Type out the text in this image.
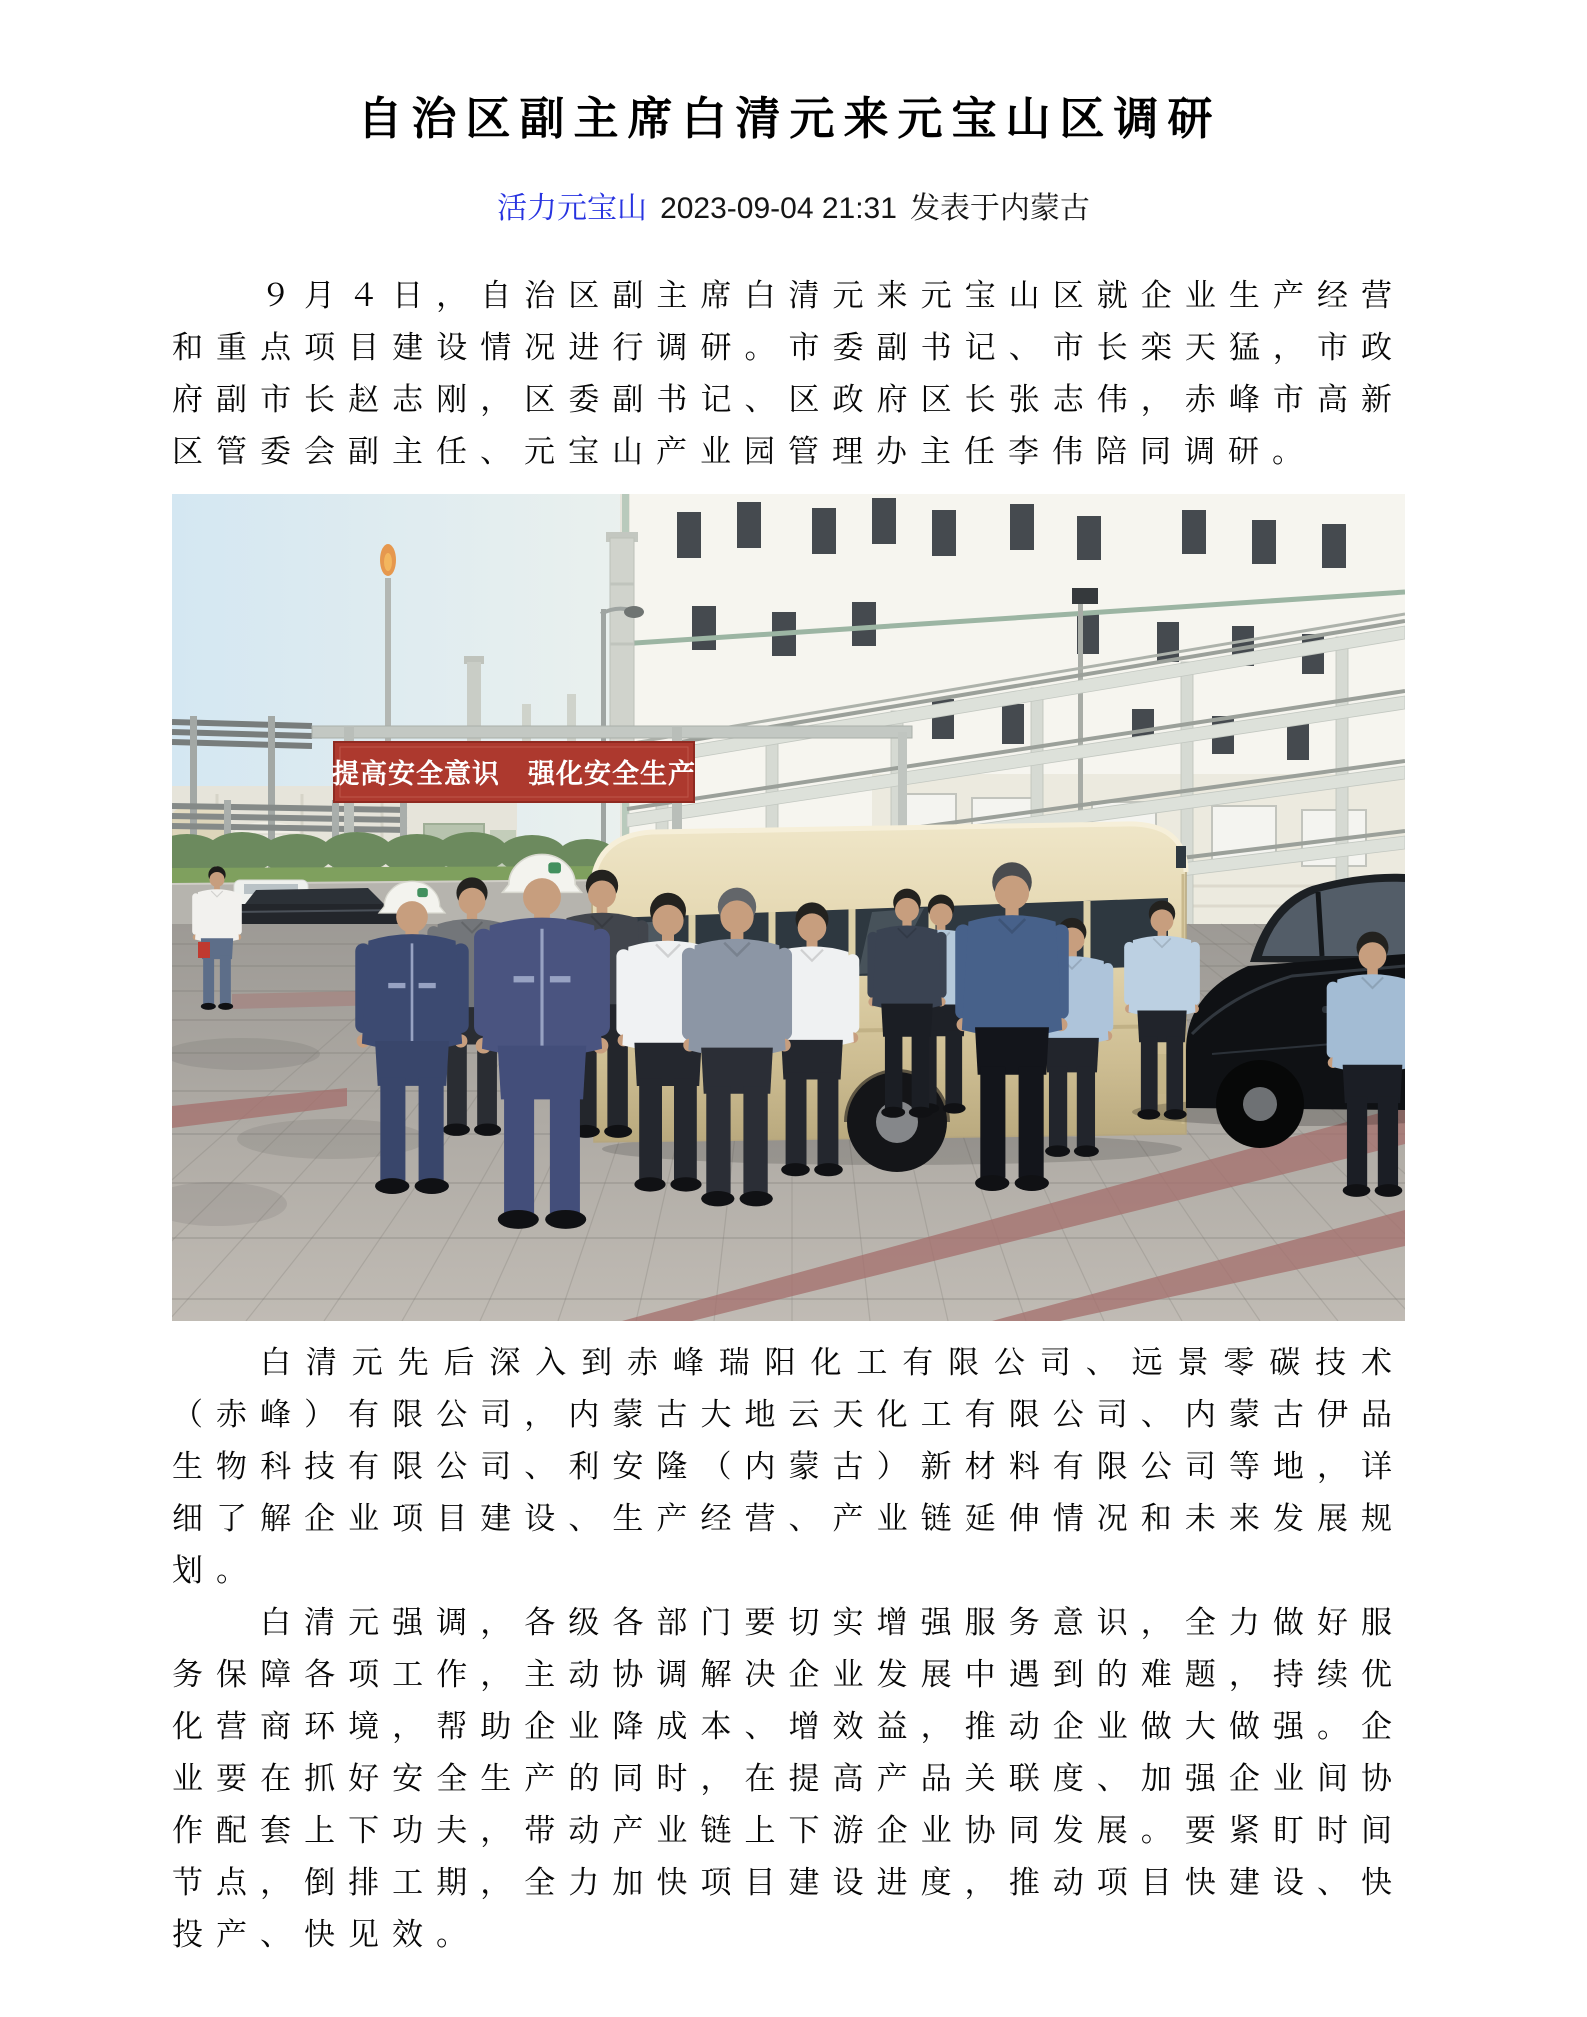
自治区副主席白清元来元宝山区调研
活力元宝山 2023-09-04 21:31 发表于内蒙古

９月４日，自治区副主席白清元来元宝山区就企业生产经营和重点项目建设情况进行调研。市委副书记、市长栾天猛，市政府副市长赵志刚，区委副书记、区政府区长张志伟，赤峰市高新区管委会副主任、元宝山产业园管理办主任李伟陪同调研。

提高安全意识　强化安全生产

白清元先后深入到赤峰瑞阳化工有限公司、远景零碳技术（赤峰）有限公司，内蒙古大地云天化工有限公司、内蒙古伊品生物科技有限公司、利安隆（内蒙古）新材料有限公司等地，详细了解企业项目建设、生产经营、产业链延伸情况和未来发展规划。

白清元强调，各级各部门要切实增强服务意识，全力做好服务保障各项工作，主动协调解决企业发展中遇到的难题，持续优化营商环境，帮助企业降成本、增效益，推动企业做大做强。企业要在抓好安全生产的同时，在提高产品关联度、加强企业间协作配套上下功夫，带动产业链上下游企业协同发展。要紧盯时间节点，倒排工期，全力加快项目建设进度，推动项目快建设、快投产、快见效。
